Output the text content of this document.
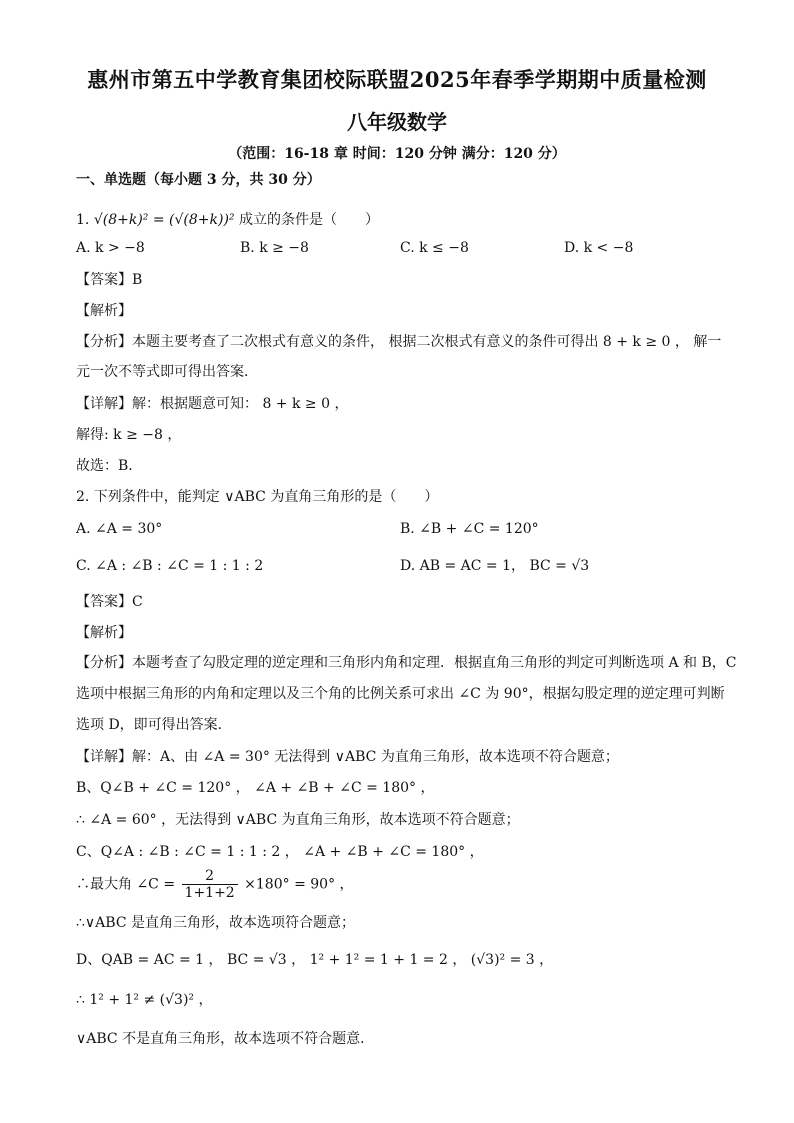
惠州市第五中学教育集团校际联盟2025年春季学期期中质量检测
八年级数学
（范围：16-18 章 时间：120 分钟 满分：120 分）
一、单选题（每小题 3 分，共 30 分）
1. √(8+k)² = (√(8+k))² 成立的条件是（　　）
A. k > −8	B. k ≥ −8	C. k ≤ −8	D. k < −8
【答案】B
【解析】
【分析】本题主要考查了二次根式有意义的条件， 根据二次根式有意义的条件可得出 8 + k ≥ 0 ， 解一
元一次不等式即可得出答案．
【详解】解：根据题意可知： 8 + k ≥ 0 ，
解得: k ≥ −8 ，
故选：B.
2. 下列条件中，能判定 ∨ABC 为直角三角形的是（　　）
A. ∠A = 30°	B. ∠B + ∠C = 120°
C. ∠A : ∠B : ∠C = 1 : 1 : 2	D. AB = AC = 1， BC = √3
【答案】C
【解析】
【分析】本题考查了勾股定理的逆定理和三角形内角和定理．根据直角三角形的判定可判断选项 A 和 B，C
选项中根据三角形的内角和定理以及三个角的比例关系可求出 ∠C 为 90°，根据勾股定理的逆定理可判断
选项 D，即可得出答案．
【详解】解：A、由 ∠A = 30° 无法得到 ∨ABC 为直角三角形，故本选项不符合题意；
B、Q∠B + ∠C = 120° ， ∠A + ∠B + ∠C = 180° ，
∴ ∠A = 60° ，无法得到 ∨ABC 为直角三角形，故本选项不符合题意；
C、Q∠A : ∠B : ∠C = 1 : 1 : 2 ， ∠A + ∠B + ∠C = 180° ，
∴最大角 ∠C = $\frac{2}{1+1+2} \times 180^\circ = 90^\circ$ ，
∴∨ABC 是直角三角形，故本选项符合题意；
D、QAB = AC = 1 ， BC = √3 ， 1² + 1² = 1 + 1 = 2 ， (√3)² = 3 ，
∴ 1² + 1² ≠ (√3)² ，
∨ABC 不是直角三角形，故本选项不符合题意．
